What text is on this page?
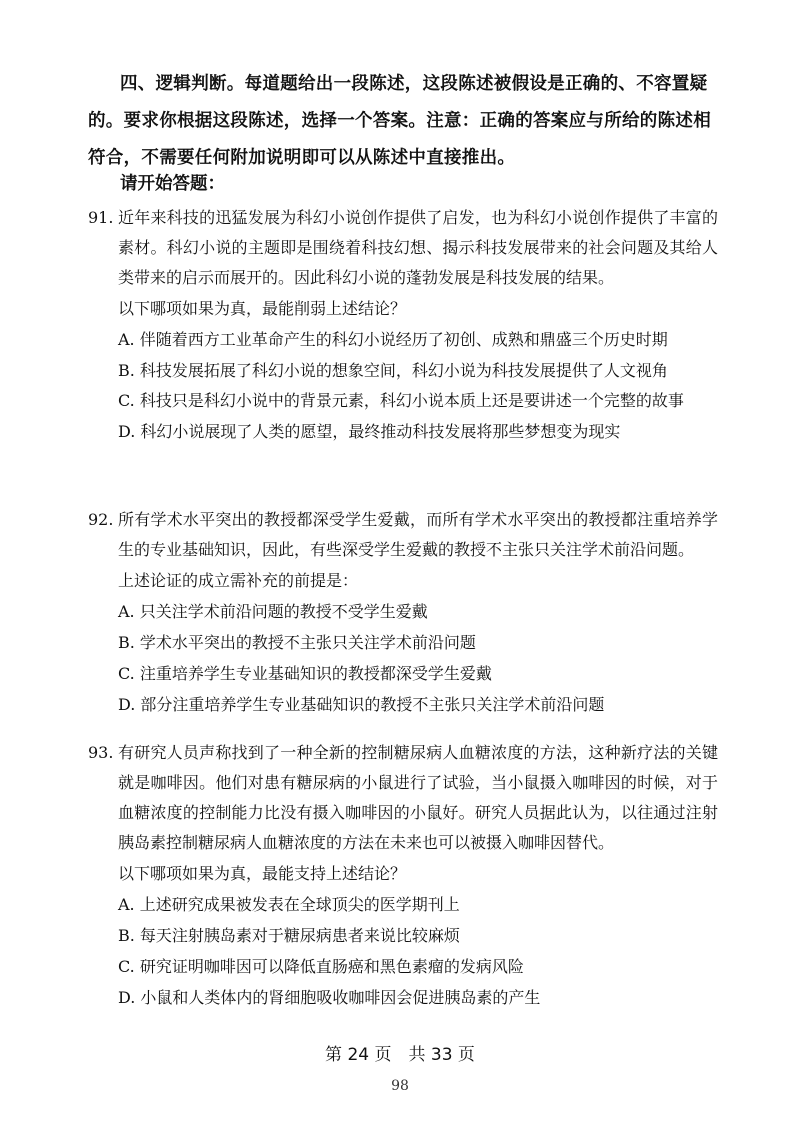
四、逻辑判断。每道题给出一段陈述，这段陈述被假设是正确的、不容置疑的。要求你根据这段陈述，选择一个答案。注意：正确的答案应与所给的陈述相符合，不需要任何附加说明即可以从陈述中直接推出。

请开始答题：
91. 近年来科技的迅猛发展为科幻小说创作提供了启发，也为科幻小说创作提供了丰富的素材。科幻小说的主题即是围绕着科技幻想、揭示科技发展带来的社会问题及其给人类带来的启示而展开的。因此科幻小说的蓬勃发展是科技发展的结果。
以下哪项如果为真，最能削弱上述结论？
A. 伴随着西方工业革命产生的科幻小说经历了初创、成熟和鼎盛三个历史时期
B. 科技发展拓展了科幻小说的想象空间，科幻小说为科技发展提供了人文视角
C. 科技只是科幻小说中的背景元素，科幻小说本质上还是要讲述一个完整的故事
D. 科幻小说展现了人类的愿望，最终推动科技发展将那些梦想变为现实
92. 所有学术水平突出的教授都深受学生爱戴，而所有学术水平突出的教授都注重培养学生的专业基础知识，因此，有些深受学生爱戴的教授不主张只关注学术前沿问题。
上述论证的成立需补充的前提是：
A. 只关注学术前沿问题的教授不受学生爱戴
B. 学术水平突出的教授不主张只关注学术前沿问题
C. 注重培养学生专业基础知识的教授都深受学生爱戴
D. 部分注重培养学生专业基础知识的教授不主张只关注学术前沿问题
93. 有研究人员声称找到了一种全新的控制糖尿病人血糖浓度的方法，这种新疗法的关键就是咖啡因。他们对患有糖尿病的小鼠进行了试验，当小鼠摄入咖啡因的时候，对于血糖浓度的控制能力比没有摄入咖啡因的小鼠好。研究人员据此认为，以往通过注射胰岛素控制糖尿病人血糖浓度的方法在未来也可以被摄入咖啡因替代。
以下哪项如果为真，最能支持上述结论？
A. 上述研究成果被发表在全球顶尖的医学期刊上
B. 每天注射胰岛素对于糖尿病患者来说比较麻烦
C. 研究证明咖啡因可以降低直肠癌和黑色素瘤的发病风险
D. 小鼠和人类体内的肾细胞吸收咖啡因会促进胰岛素的产生
第 24 页　共 33 页
98
